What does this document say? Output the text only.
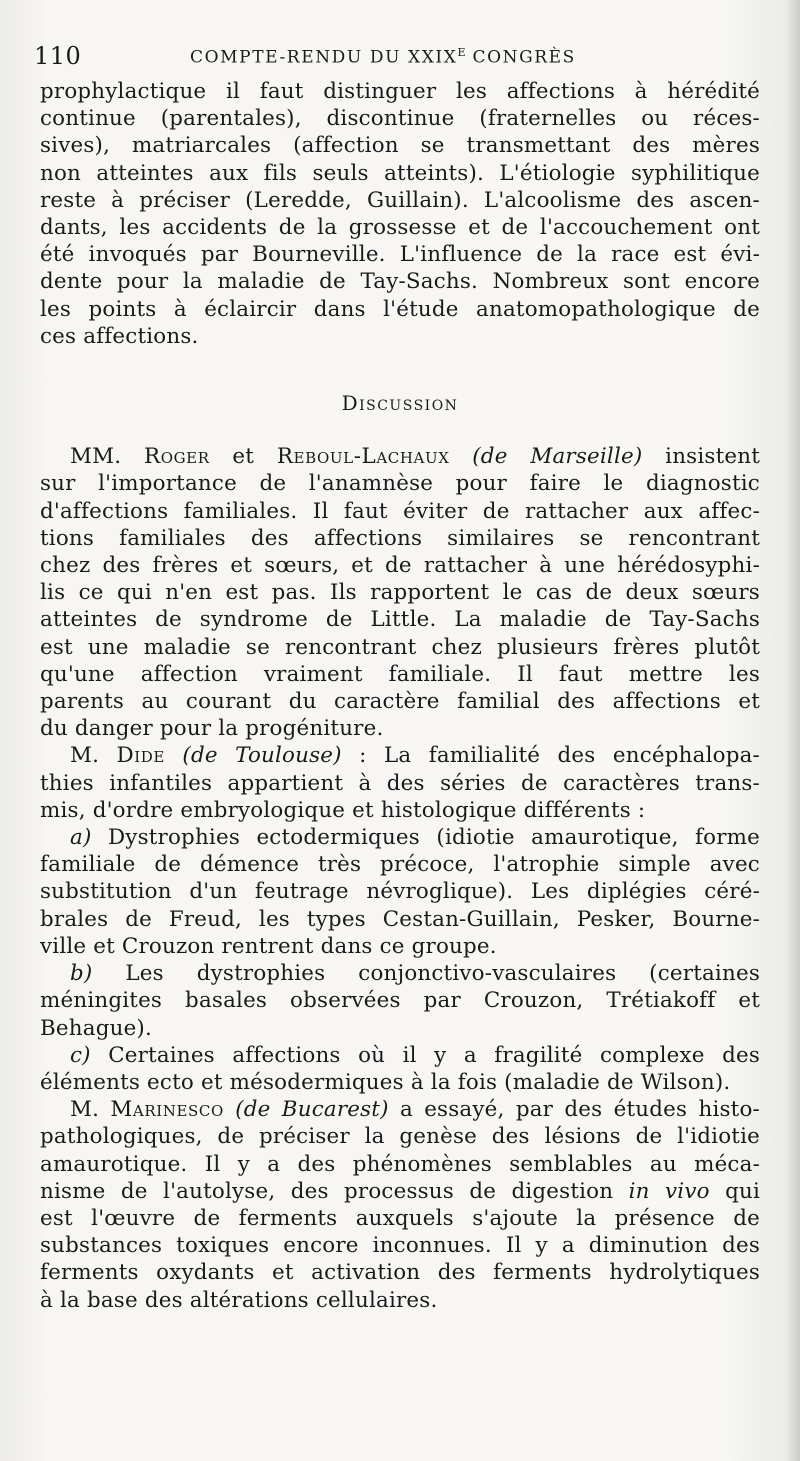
110	COMPTE-RENDU DU $XXIX^E$ CONGRÈS

prophylactique il faut distinguer les affections à hérédité

continue (parentales), discontinue (fraternelles ou réces-

sives), matriarcales (affection se transmettant des mères

non atteintes aux fils seuls atteints). L'étiologie syphilitique

reste à préciser (Leredde, Guillain). L'alcoolisme des ascen-

dants, les accidents de la grossesse et de l'accouchement ont

été invoqués par Bourneville. L'influence de la race est évi-

dente pour la maladie de Tay-Sachs. Nombreux sont encore

les points à éclaircir dans l'étude anatomopathologique de

ces affections.

Discussion

MM. Roger et Reboul-Lachaux (de Marseille) insistent

sur l'importance de l'anamnèse pour faire le diagnostic

d'affections familiales. Il faut éviter de rattacher aux affec-

tions familiales des affections similaires se rencontrant

chez des frères et sœurs, et de rattacher à une hérédosyphi-

lis ce qui n'en est pas. Ils rapportent le cas de deux sœurs

atteintes de syndrome de Little. La maladie de Tay-Sachs

est une maladie se rencontrant chez plusieurs frères plutôt

qu'une affection vraiment familiale. Il faut mettre les

parents au courant du caractère familial des affections et

du danger pour la progéniture.

M. Dide (de Toulouse) : La familialité des encéphalopa-

thies infantiles appartient à des séries de caractères trans-

mis, d'ordre embryologique et histologique différents :

a) Dystrophies ectodermiques (idiotie amaurotique, forme

familiale de démence très précoce, l'atrophie simple avec

substitution d'un feutrage névroglique). Les diplégies céré-

brales de Freud, les types Cestan-Guillain, Pesker, Bourne-

ville et Crouzon rentrent dans ce groupe.

b) Les dystrophies conjonctivo-vasculaires (certaines

méningites basales observées par Crouzon, Trétiakoff et

Behague).

c) Certaines affections où il y a fragilité complexe des

éléments ecto et mésodermiques à la fois (maladie de Wilson).

M. Marinesco (de Bucarest) a essayé, par des études histo-

pathologiques, de préciser la genèse des lésions de l'idiotie

amaurotique. Il y a des phénomènes semblables au méca-

nisme de l'autolyse, des processus de digestion in vivo qui

est l'œuvre de ferments auxquels s'ajoute la présence de

substances toxiques encore inconnues. Il y a diminution des

ferments oxydants et activation des ferments hydrolytiques

à la base des altérations cellulaires.
